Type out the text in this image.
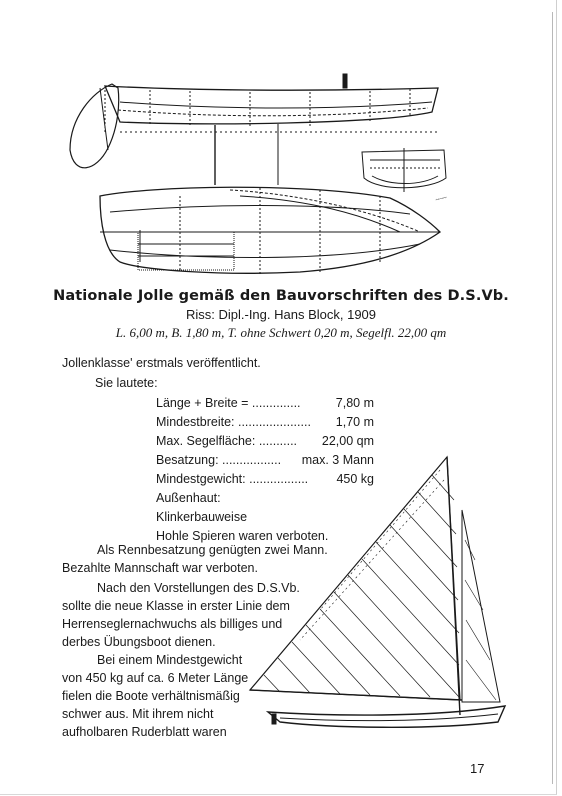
~~~
Nationale Jolle gemäß den Bauvorschriften des D.S.Vb.
Riss: Dipl.-Ing. Hans Block, 1909
L. 6,00 m, B. 1,80 m, T. ohne Schwert 0,20 m, Segelfl. 22,00 qm
Jollenklasse' erstmals veröffentlicht.
Sie lautete:
Länge + Breite = ..............	7,80 m
Mindestbreite: ..................... 1,70 m
Max. Segelfläche: ........... 22,00 qm
Besatzung: ................. max. 3 Mann
Mindestgewicht: ................. 450 kg
Außenhaut:
Klinkerbauweise
Hohle Spieren waren verboten.
Als Rennbesatzung genügten zwei Mann.
Bezahlte Mannschaft war verboten.
Nach den Vorstellungen des D.S.Vb.
sollte die neue Klasse in erster Linie dem
Herrenseglernachwuchs als billiges und
derbes Übungsboot dienen.
Bei einem Mindestgewicht
von 450 kg auf ca. 6 Meter Länge
fielen die Boote verhältnismäßig
schwer aus. Mit ihrem nicht
aufholbaren Ruderblatt waren
17
